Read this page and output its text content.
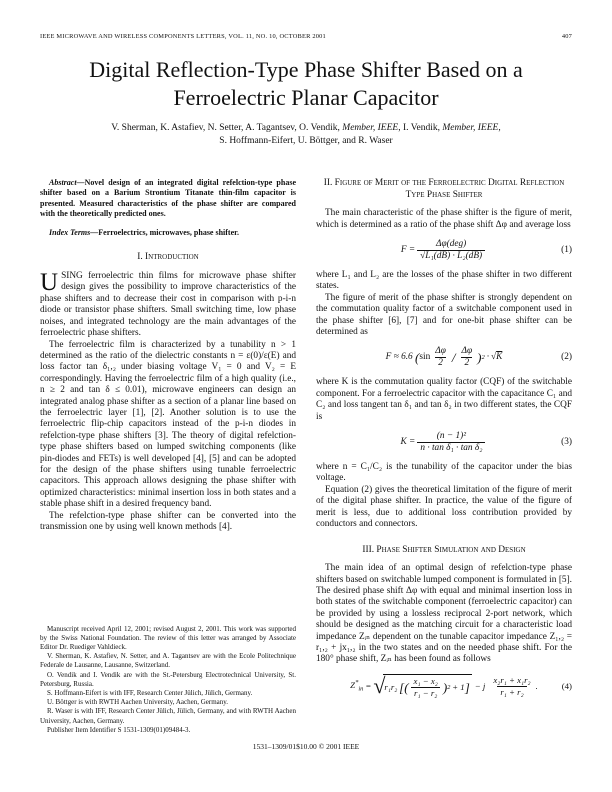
IEEE MICROWAVE AND WIRELESS COMPONENTS LETTERS, VOL. 11, NO. 10, OCTOBER 2001	407
Digital Reflection-Type Phase Shifter Based on a
Ferroelectric Planar Capacitor
V. Sherman, K. Astafiev, N. Setter, A. Tagantsev, O. Vendik, Member, IEEE, I. Vendik, Member, IEEE,
S. Hoffmann-Eifert, U. Böttger, and R. Waser

Abstract—Novel design of an integrated digital refelction-type phase shifter based on a Barium Strontium Titanate thin-film capacitor is presented. Measured characteristics of the phase shifter are compared with the theoretically predicted ones.

Index Terms—Ferroelectrics, microwaves, phase shifter.

I. Introduction

USING ferroelectric thin films for microwave phase shifter design gives the possibility to improve characteristics of the phase shifters and to decrease their cost in comparison with p-i-n diode or transistor phase shifters. Small switching time, low phase noises, and integrated technology are the main advantages of the ferroelectric phase shifters.

The ferroelectric film is characterized by a tunability n > 1 determined as the ratio of the dielectric constants n = ε(0)/ε(E) and loss factor tan δ₁,₂ under biasing voltage V₁ = 0 and V₂ = E correspondingly. Having the ferroelectric film of a high quality (i.e., n ≥ 2 and tan δ ≤ 0.01), microwave engineers can design an integrated analog phase shifter as a section of a planar line based on the ferroelectric layer [1], [2]. Another solution is to use the ferroelectric flip-chip capacitors instead of the p-i-n diodes in refelction-type phase shifters [3]. The theory of digital refelction-type phase shifters based on lumped switching components (like pin-diodes and FETs) is well developed [4], [5] and can be adopted for the design of the phase shifters using tunable ferroelectric capacitors. This approach allows designing the phase shifter with optimized characteristics: minimal insertion loss in both states and a stable phase shift in a desired frequency band.

The refelction-type phase shifter can be converted into the transmission one by using well known methods [4].

Manuscript received April 12, 2001; revised August 2, 2001. This work was supported by the Swiss National Foundation. The review of this letter was arranged by Associate Editor Dr. Ruediger Vahldieck.

V. Sherman, K. Astafiev, N. Setter, and A. Tagantsev are with the Ecole Politechnique Federale de Lausanne, Lausanne, Switzerland.

O. Vendik and I. Vendik are with the St.-Petersburg Electrotechnical University, St. Petersburg, Russia.

S. Hoffmann-Eifert is with IFF, Research Center Jülich, Jülich, Germany.

U. Böttger is with RWTH Aachen University, Aachen, Germany.

R. Waser is with IFF, Research Center Jülich, Jülich, Germany, and with RWTH Aachen University, Aachen, Germany.

Publisher Item Identifier S 1531-1309(01)09484-3.

II. Figure of Merit of the Ferroelectric Digital Reflection Type Phase Shifter

The main characteristic of the phase shifter is the figure of merit, which is determined as a ratio of the phase shift Δφ and average loss

$F = \frac{\text{Δφ(deg)}}{\text{√L₁(dB) · L₂(dB)}}$	(1)

where L₁ and L₂ are the losses of the phase shifter in two different states.

The figure of merit of the phase shifter is strongly dependent on the commutation quality factor of a switchable component used in the phase shifter [6], [7] and for one-bit phase shifter can be determined as

F ≈ 6.6
( $\sin \frac{\Delta\varphi}{2} / \frac{\Delta\varphi}{2}$ ) 2 · √ K	(2)

where K is the commutation quality factor (CQF) of the switchable component. For a ferroelectric capacitor with the capacitance C₁ and C₂ and loss tangent tan δ₁ and tan δ₂ in two different states, the CQF is

$K = \frac{\text{(n − 1)²}}{\text{n · tan δ₁ · tan δ₂}}$	(3)

where n = C₁/C₂ is the tunability of the capacitor under the bias voltage.

Equation (2) gives the theoretical limitation of the figure of merit of the digital phase shifter. In practice, the value of the figure of merit is less, due to additional loss contribution provided by conductors and connectors.

III. Phase Shifter Simulation and Design

The main idea of an optimal design of refelction-type phase shifters based on switchable lumped component is formulated in [5]. The desired phase shift Δφ with equal and minimal insertion loss in both states of the switchable component (ferroelectric capacitor) can be provided by using a lossless reciprocal 2-port network, which should be designed as the matching circuit for a characteristic load impedance Zᵢₙ dependent on the tunable capacitor impedance Z₁,₂ = r₁,₂ + jx₁,₂ in the two states and on the needed phase shift. For the 180° phase shift, Zᵢₙ has been found as follows

$Z^*_{in}$ = √ r₁r₂
  [ ( $\frac{\text{x₁ − x₂}}{\text{r₁ − r₂}}$ ) 2
  + 1 ] − j $\frac{\text{x₂r₁ + x₁r₂}}{\text{r₁ + r₂}}$ .	(4)
1531–1309/01$10.00 © 2001 IEEE
